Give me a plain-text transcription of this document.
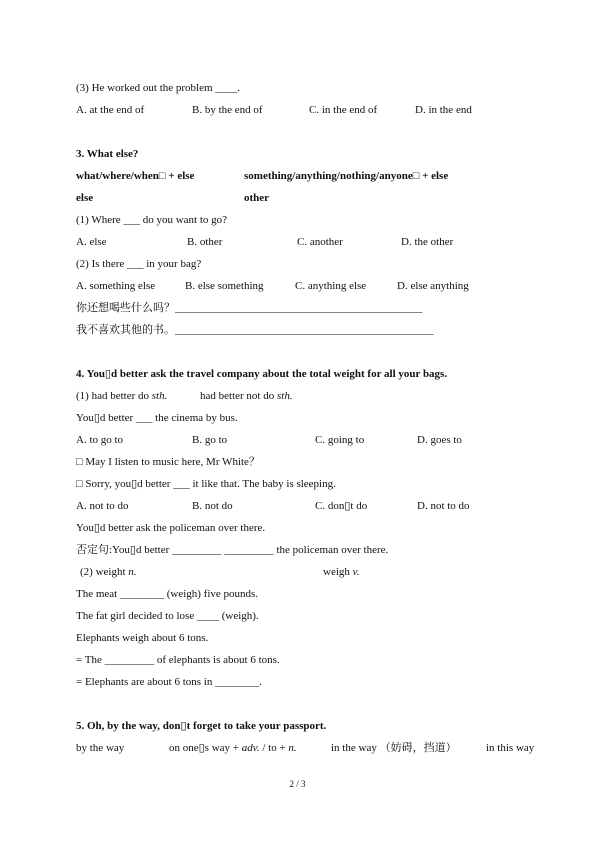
(3) He worked out the problem ____.
A. at the end of	B. by the end of	C. in the end of	D. in the end
3. What else?
what/where/when□ + else	something/anything/nothing/anyone□ + else
else	other
(1) Where ___ do you want to go?
A. else	B. other	C. another	D. the other
(2) Is there ___ in your bag?
A. something else	B. else something	C. anything else	D. else anything
你还想喝些什么吗？_____________________________________________
我不喜欢其他的书。_______________________________________________
4. You▯d better ask the travel company about the total weight for all your bags.
(1) had better do sth.	had better not do sth.
You▯d better ___ the cinema by bus.
A. to go to	B. go to	C. going to	D. goes to
□ May I listen to music here, Mr White？
□ Sorry, you▯d better ___ it like that. The baby is sleeping.
A. not to do	B. not do	C. don▯t do	D. not to do
You▯d better ask the policeman over there.
否定句:You▯d better _________ _________ the policeman over there.
(2) weight n.	weigh v.
The meat ________ (weigh) five pounds.
The fat girl decided to lose ____ (weigh).
Elephants weigh about 6 tons.
= The _________ of elephants is about 6 tons.
= Elephants are about 6 tons in ________.
5. Oh, by the way, don▯t forget to take your passport.
by the way	on one▯s way + adv. / to + n.	in the way （妨碍，挡道）	in this way
2 / 3
